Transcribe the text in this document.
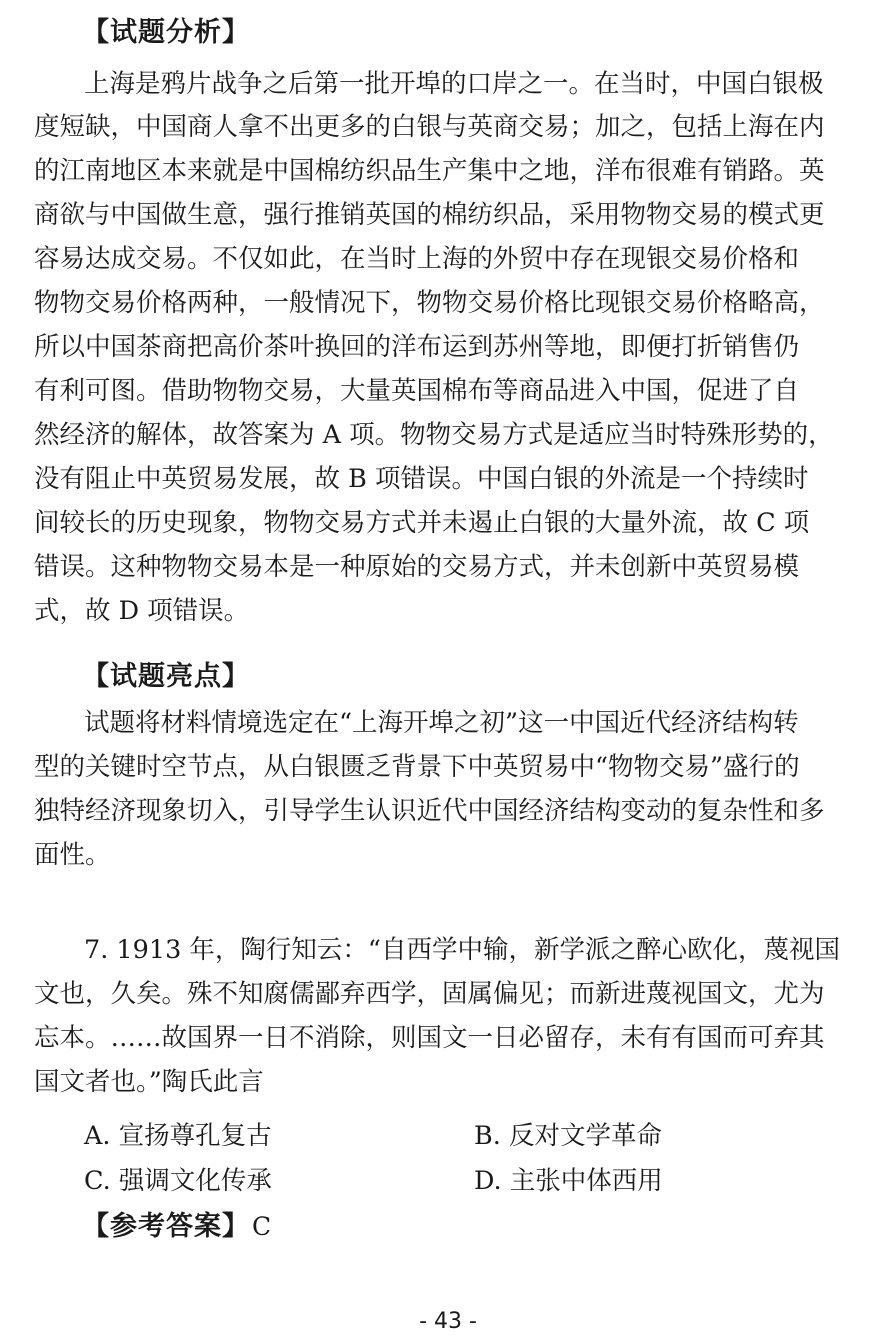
【试题分析】
上海是鸦片战争之后第一批开埠的口岸之一。在当时，中国白银极
度短缺，中国商人拿不出更多的白银与英商交易；加之，包括上海在内
的江南地区本来就是中国棉纺织品生产集中之地，洋布很难有销路。英
商欲与中国做生意，强行推销英国的棉纺织品，采用物物交易的模式更
容易达成交易。不仅如此，在当时上海的外贸中存在现银交易价格和
物物交易价格两种，一般情况下，物物交易价格比现银交易价格略高，
所以中国茶商把高价茶叶换回的洋布运到苏州等地，即便打折销售仍
有利可图。借助物物交易，大量英国棉布等商品进入中国，促进了自
然经济的解体，故答案为 A 项。物物交易方式是适应当时特殊形势的，
没有阻止中英贸易发展，故 B 项错误。中国白银的外流是一个持续时
间较长的历史现象，物物交易方式并未遏止白银的大量外流，故 C 项
错误。这种物物交易本是一种原始的交易方式，并未创新中英贸易模
式，故 D 项错误。
【试题亮点】
试题将材料情境选定在“上海开埠之初”这一中国近代经济结构转
型的关键时空节点，从白银匮乏背景下中英贸易中“物物交易”盛行的
独特经济现象切入，引导学生认识近代中国经济结构变动的复杂性和多
面性。
7. 1913 年，陶行知云：“自西学中输，新学派之醉心欧化，蔑视国
文也，久矣。殊不知腐儒鄙弃西学，固属偏见；而新进蔑视国文，尤为
忘本。……故国界一日不消除，则国文一日必留存，未有有国而可弃其
国文者也。”陶氏此言
A. 宣扬尊孔复古	B. 反对文学革命
C. 强调文化传承	D. 主张中体西用
【参考答案】C
- 43 -
